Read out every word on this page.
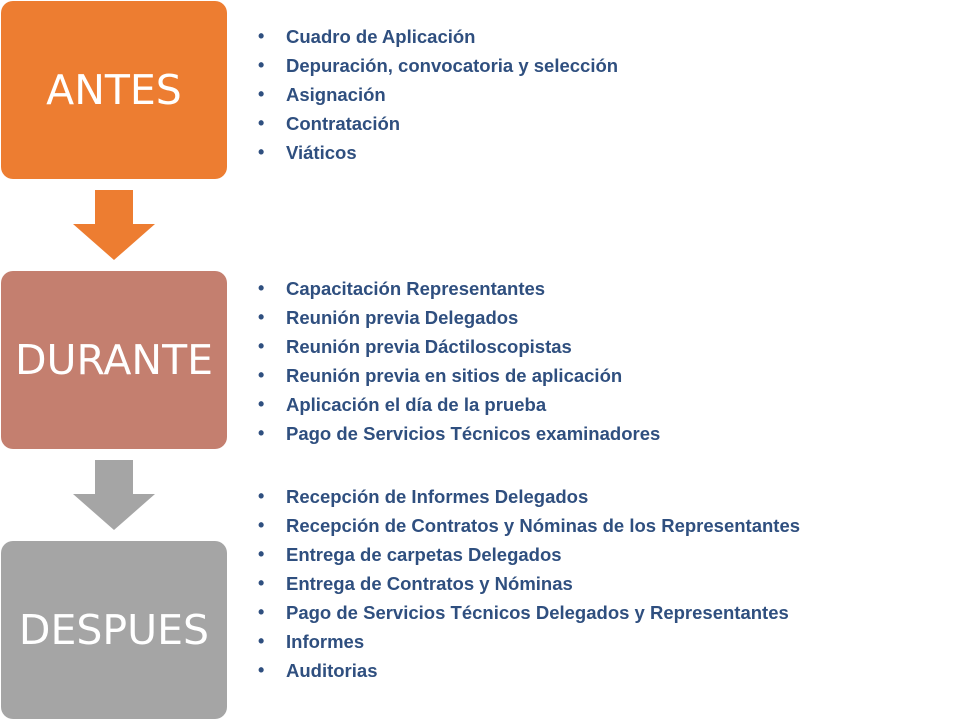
ANTES
DURANTE
DESPUES
• Cuadro de Aplicación
• Depuración, convocatoria y selección
• Asignación
• Contratación
• Viáticos
• Capacitación Representantes
• Reunión previa Delegados
• Reunión previa Dáctiloscopistas
• Reunión previa en sitios de aplicación
• Aplicación el día de la prueba
• Pago de Servicios Técnicos examinadores
• Recepción de Informes Delegados
• Recepción de Contratos y Nóminas de los Representantes
• Entrega de carpetas Delegados
• Entrega de Contratos y Nóminas
• Pago de Servicios Técnicos Delegados y Representantes
• Informes
• Auditorias
